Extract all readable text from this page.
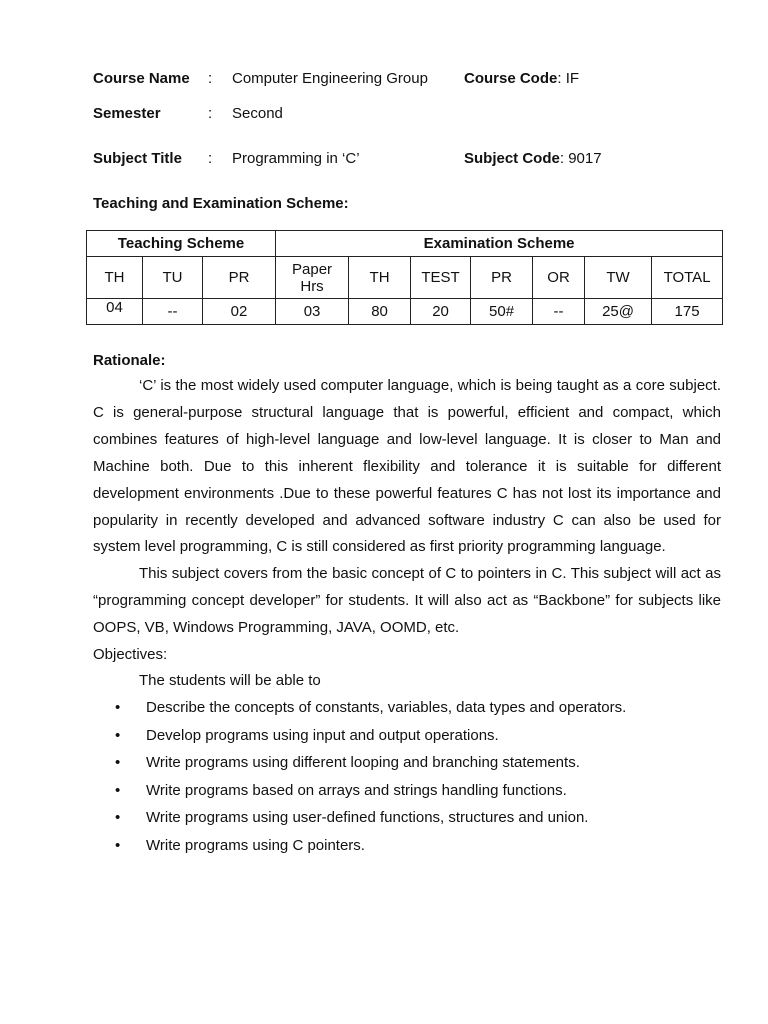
Course Name : Computer Engineering Group Course Code: IF
Semester	: Second
Subject Title : Programming in ‘C’	Subject Code: 9017
Teaching and Examination Scheme:
Teaching Scheme			Examination Scheme						
TH	TU	PR	Paper Hrs	TH	TEST	PR	OR	TW	TOTAL
04	--	02	03	80	20	50#	--	25@	175
Rationale:

‘C’ is the most widely used computer language, which is being taught as a core subject. C is general-purpose structural language that is powerful, efficient and compact, which combines features of high-level language and low-level language. It is closer to Man and Machine both. Due to this inherent flexibility and tolerance it is suitable for different development environments .Due to these powerful features C has not lost its importance and popularity in recently developed and advanced software industry C can also be used for system level programming, C is still considered as first priority programming language.

This subject covers from the basic concept of C to pointers in C. This subject will act as “programming concept developer” for students. It will also act as “Backbone” for subjects like OOPS, VB, Windows Programming, JAVA, OOMD, etc.

Objectives:
The students will be able to
• Describe the concepts of constants, variables, data types and operators.
• Develop programs using input and output operations.
• Write programs using different looping and branching statements.
• Write programs based on arrays and strings handling functions.
• Write programs using user-defined functions, structures and union.
• Write programs using C pointers.
